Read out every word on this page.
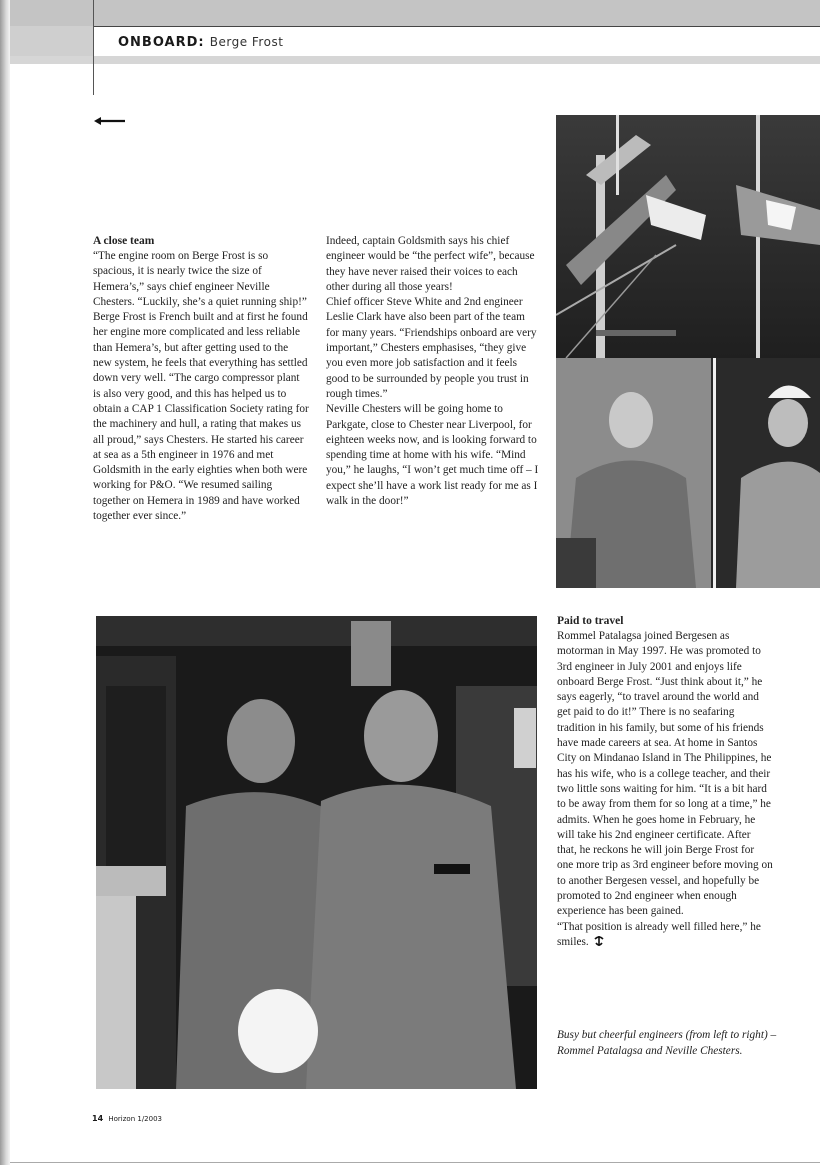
ONBOARD: Berge Frost
A close team

“The engine room on Berge Frost is so spacious, it is nearly twice the size of Hemera’s,” says chief engineer Neville Chesters. “Luckily, she’s a quiet running ship!” Berge Frost is French built and at first he found her engine more complicated and less reliable than Hemera’s, but after getting used to the new system, he feels that everything has settled down very well. “The cargo compressor plant is also very good, and this has helped us to obtain a CAP 1 Classification Society rating for the machinery and hull, a rating that makes us all proud,” says Chesters. He started his career at sea as a 5th engineer in 1976 and met Goldsmith in the early eighties when both were working for P&O. “We resumed sailing together on Hemera in 1989 and have worked together ever since.”

Indeed, captain Goldsmith says his chief engineer would be “the perfect wife”, because they have never raised their voices to each other during all those years!

Chief officer Steve White and 2nd engineer Leslie Clark have also been part of the team for many years. “Friendships onboard are very important,” Chesters emphasises, “they give you even more job satisfaction and it feels good to be surrounded by people you trust in rough times.”

Neville Chesters will be going home to Parkgate, close to Chester near Liverpool, for eighteen weeks now, and is looking forward to spending time at home with his wife. “Mind you,” he laughs, “I won’t get much time off – I expect she’ll have a work list ready for me as I walk in the door!”

Paid to travel

Rommel Patalagsa joined Bergesen as motorman in May 1997. He was promoted to 3rd engineer in July 2001 and enjoys life onboard Berge Frost. “Just think about it,” he says eagerly, “to travel around the world and get paid to do it!” There is no seafaring tradition in his family, but some of his friends have made careers at sea. At home in Santos City on Mindanao Island in The Philippines, he has his wife, who is a college teacher, and their two little sons waiting for him. “It is a bit hard to be away from them for so long at a time,” he admits. When he goes home in February, he will take his 2nd engineer certificate. After that, he reckons he will join Berge Frost for one more trip as 3rd engineer before moving on to another Bergesen vessel, and hopefully be promoted to 2nd engineer when enough experience has been gained.

“That position is already well filled here,” he smiles.

Busy but cheerful engineers (from left to right) – Rommel Patalagsa and Neville Chesters.
14 Horizon 1/2003
